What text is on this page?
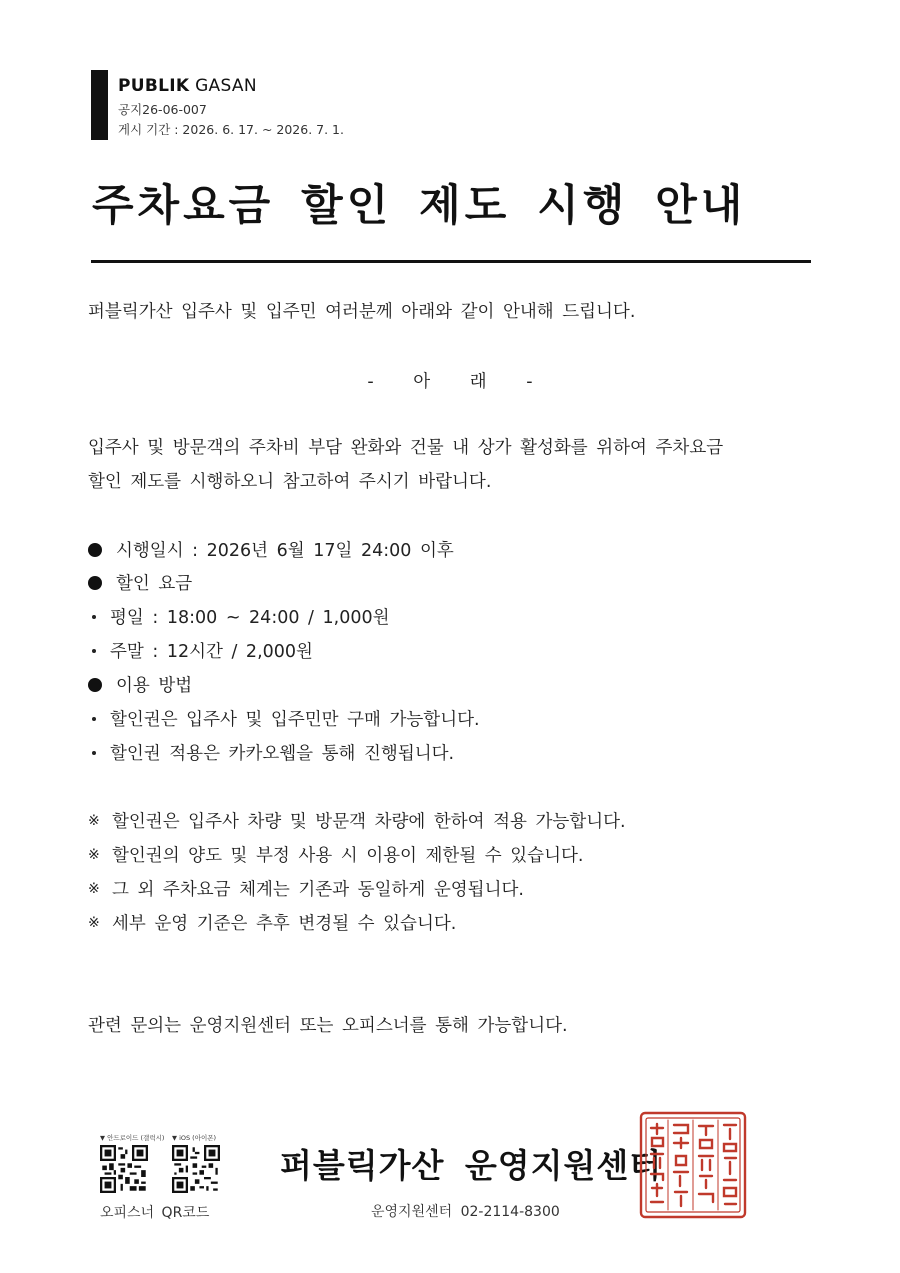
PUBLIK GASAN
공지26-06-007
게시 기간 : 2026. 6. 17. ~ 2026. 7. 1.
주차요금 할인 제도 시행 안내
퍼블릭가산 입주사 및 입주민 여러분께 아래와 같이 안내해 드립니다.
- 아 래 -
입주사 및 방문객의 주차비 부담 완화와 건물 내 상가 활성화를 위하여 주차요금
할인 제도를 시행하오니 참고하여 주시기 바랍니다.
시행일시 : 2026년 6월 17일 24:00 이후
할인 요금
평일 : 18:00 ~ 24:00 / 1,000원
주말 : 12시간 / 2,000원
이용 방법
할인권은 입주사 및 입주민만 구매 가능합니다.
할인권 적용은 카카오웹을 통해 진행됩니다.
※ 할인권은 입주사 차량 및 방문객 차량에 한하여 적용 가능합니다.
※ 할인권의 양도 및 부정 사용 시 이용이 제한될 수 있습니다.
※ 그 외 주차요금 체계는 기존과 동일하게 운영됩니다.
※ 세부 운영 기준은 추후 변경될 수 있습니다.
관련 문의는 운영지원센터 또는 오피스너를 통해 가능합니다.
▼ 안드로이드 (갤럭시) ▼ iOS (아이폰)
오피스너 QR코드
퍼블릭가산 운영지원센터
운영지원센터 02-2114-8300
